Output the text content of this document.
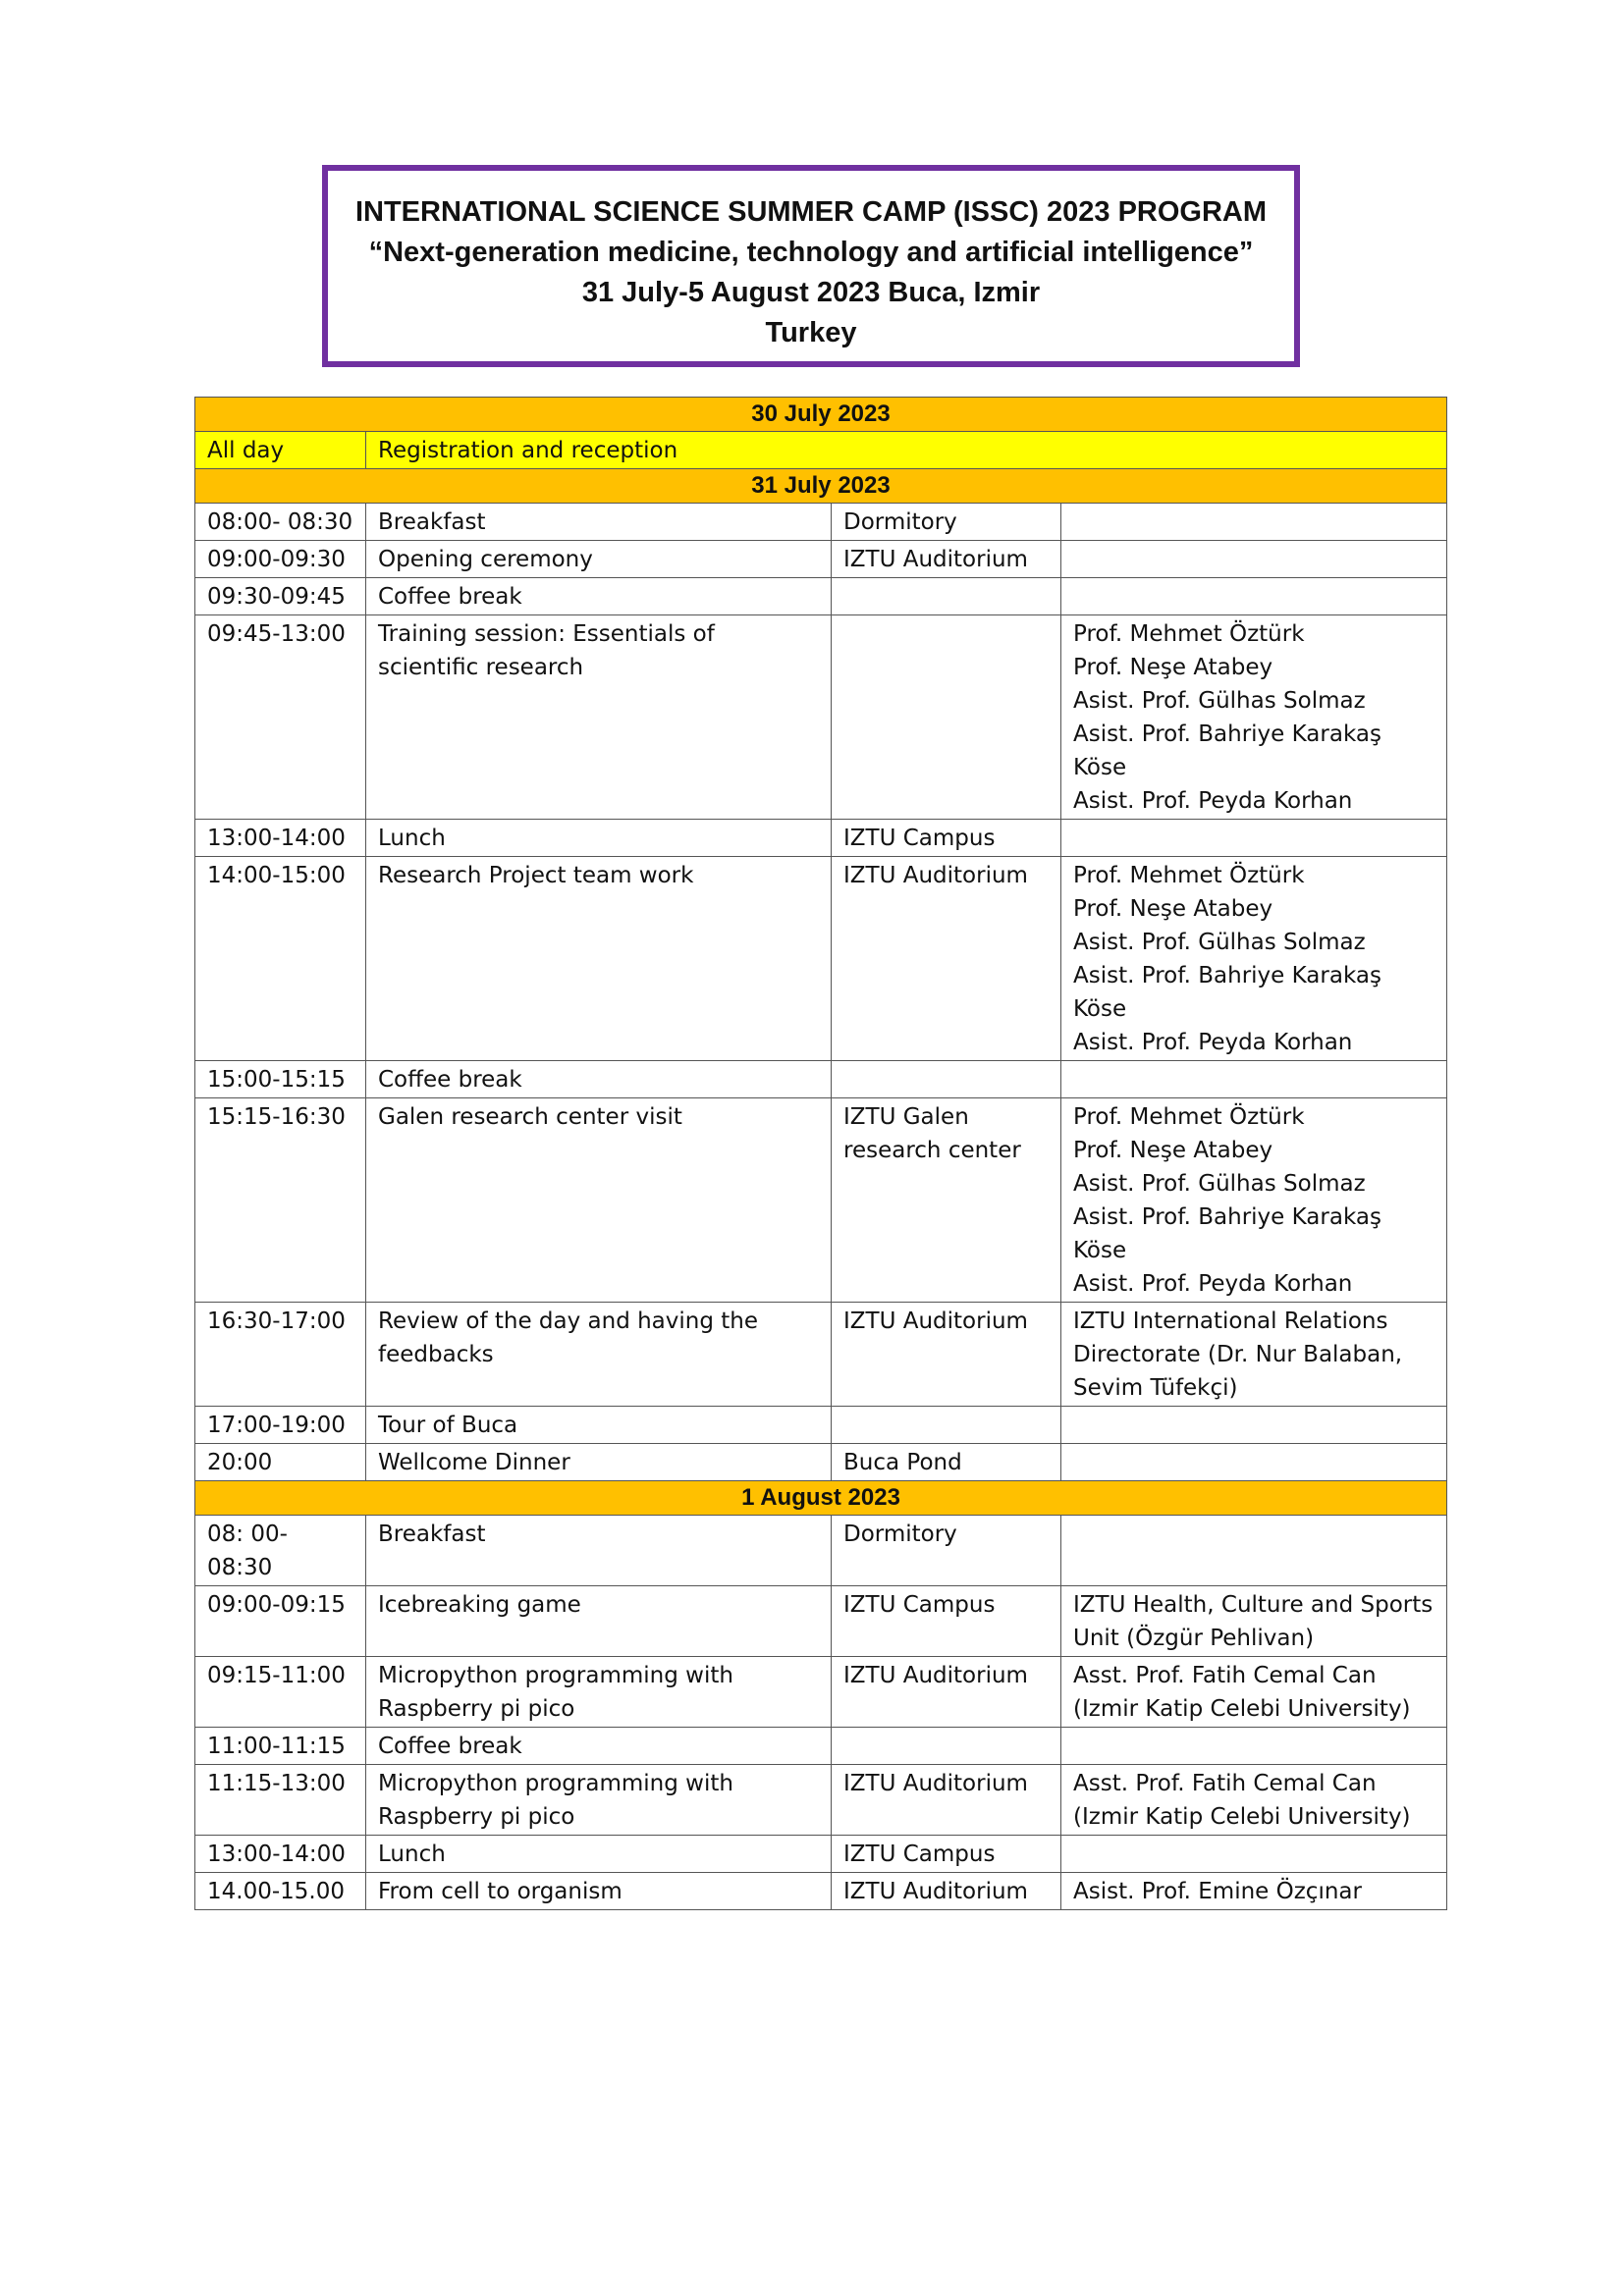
INTERNATIONAL SCIENCE SUMMER CAMP (ISSC) 2023 PROGRAM
“Next-generation medicine, technology and artificial intelligence”
31 July-5 August 2023 Buca, Izmir
Turkey
30 July 2023			
All day	Registration and reception		
31 July 2023			
08:00- 08:30	Breakfast	Dormitory	
09:00-09:30	Opening ceremony	IZTU Auditorium	
09:30-09:45	Coffee break		
09:45-13:00	Training session: Essentials of scientific research		Prof. Mehmet Öztürk
Prof. Neşe Atabey
Asist. Prof. Gülhas Solmaz
Asist. Prof. Bahriye Karakaş Köse
Asist. Prof. Peyda Korhan

13:00-14:00	Lunch	IZTU Campus	
14:00-15:00	Research Project team work	IZTU Auditorium	Prof. Mehmet Öztürk
Prof. Neşe Atabey
Asist. Prof. Gülhas Solmaz
Asist. Prof. Bahriye Karakaş Köse
Asist. Prof. Peyda Korhan

15:00-15:15	Coffee break		
15:15-16:30	Galen research center visit	IZTU Galen research center	Prof. Mehmet Öztürk
Prof. Neşe Atabey
Asist. Prof. Gülhas Solmaz
Asist. Prof. Bahriye Karakaş Köse
Asist. Prof. Peyda Korhan

16:30-17:00	Review of the day and having the feedbacks	IZTU Auditorium	IZTU International Relations Directorate (Dr. Nur Balaban, Sevim Tüfekçi)

17:00-19:00	Tour of Buca		
20:00	Wellcome Dinner	Buca Pond	
1 August 2023			
08: 00- 08:30	Breakfast	Dormitory	
09:00-09:15	Icebreaking game	IZTU Campus	IZTU Health, Culture and Sports Unit (Özgür Pehlivan)

09:15-11:00	Micropython programming with Raspberry pi pico	IZTU Auditorium	Asst. Prof. Fatih Cemal Can (Izmir Katip Celebi University)

11:00-11:15	Coffee break		
11:15-13:00	Micropython programming with Raspberry pi pico	IZTU Auditorium	Asst. Prof. Fatih Cemal Can (Izmir Katip Celebi University)

13:00-14:00	Lunch	IZTU Campus	
14.00-15.00	From cell to organism	IZTU Auditorium	Asist. Prof. Emine Özçınar
